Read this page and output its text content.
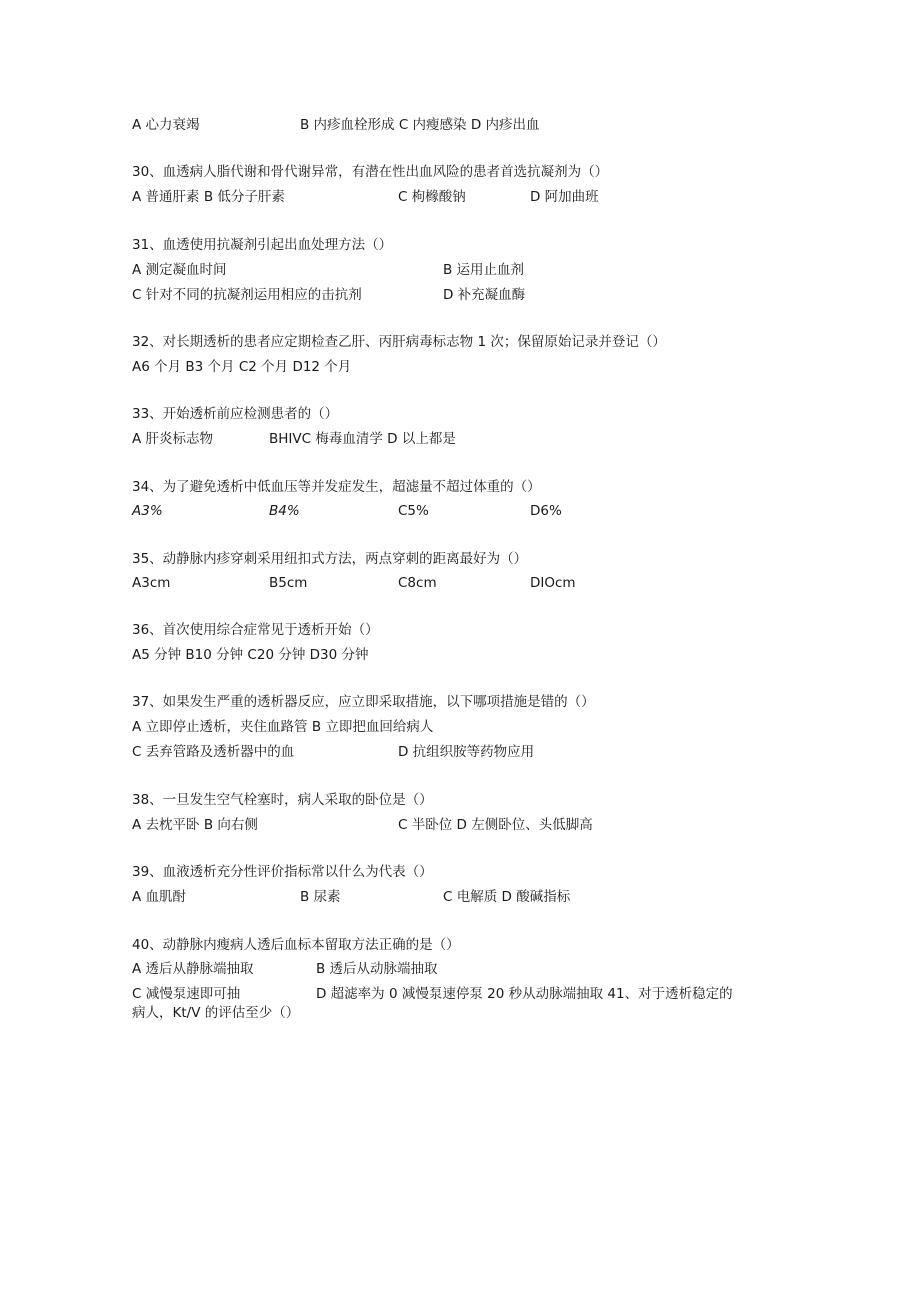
A 心力衰竭	B 内疹血栓形成 C 内瘦感染 D 内疹出血
30、血透病人脂代谢和骨代谢异常，有潜在性出血风险的患者首选抗凝剂为（）
A 普通肝素 B 低分子肝素	C 枸橼酸钠	D 阿加曲班
31、血透使用抗凝剂引起出血处理方法（）
A 测定凝血时间	B 运用止血剂
C 针对不同的抗凝剂运用相应的击抗剂	D 补充凝血酶
32、对长期透析的患者应定期检查乙肝、丙肝病毒标志物 1 次；保留原始记录并登记（）
A6 个月 B3 个月 C2 个月 D12 个月
33、开始透析前应检测患者的（）
A 肝炎标志物	BHIVC 梅毒血清学 D 以上都是
34、为了避免透析中低血压等并发症发生，超滤量不超过体重的（）
A3%	B4%	C5%	D6%
35、动静脉内疹穿刺采用纽扣式方法，两点穿刺的距离最好为（）
A3cm	B5cm	C8cm	DIOcm
36、首次使用综合症常见于透析开始（）
A5 分钟 B10 分钟 C20 分钟 D30 分钟
37、如果发生严重的透析器反应，应立即采取措施，以下哪项措施是错的（）
A 立即停止透析，夹住血路管 B 立即把血回给病人
C 丢弃管路及透析器中的血	D 抗组织胺等药物应用
38、一旦发生空气栓塞时，病人采取的卧位是（）
A 去枕平卧 B 向右侧	C 半卧位 D 左侧卧位、头低脚高
39、血液透析充分性评价指标常以什么为代表（）
A 血肌酎	B 尿素	C 电解质 D 酸碱指标
40、动静脉内瘦病人透后血标本留取方法正确的是（）
A 透后从静脉端抽取	B 透后从动脉端抽取
C 减慢泵速即可抽	D 超滤率为 0 减慢泵速停泵 20 秒从动脉端抽取 41、对于透析稳定的
病人，Kt/V 的评估至少（）
